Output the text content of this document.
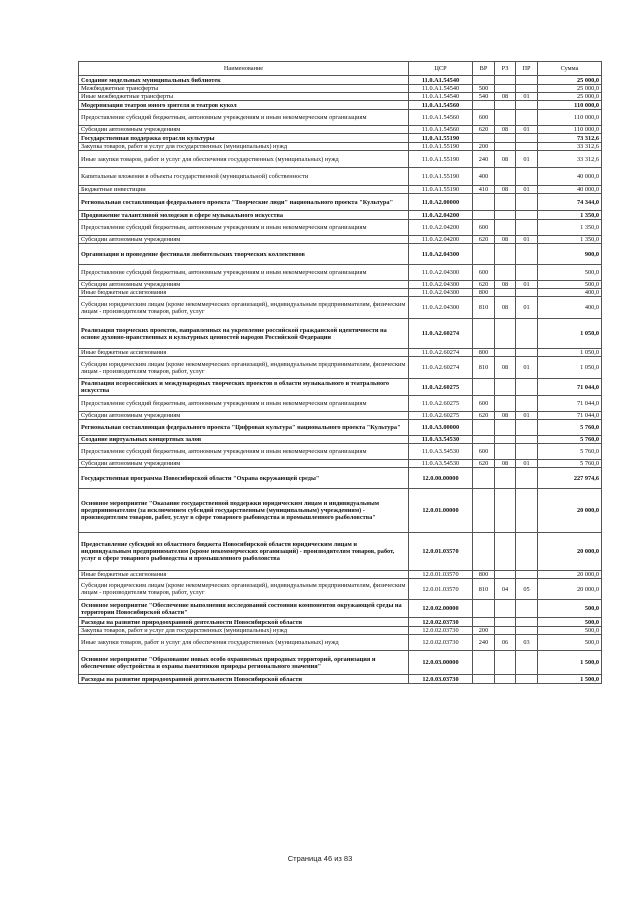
Наименование	ЦСР	ВР	РЗ	ПР	Сумма
Создание модельных муниципальных библиотек	11.0.A1.54540				25 000,0
Межбюджетные трансферты	11.0.A1.54540	500			25 000,0
Иные межбюджетные трансферты	11.0.A1.54540	540	08	01	25 000,0
Модернизация театров юного зрителя и театров кукол	11.0.A1.54560				110 000,0
Предоставление субсидий бюджетным, автономным учреждениям и иным некоммерческим организациям	11.0.A1.54560	600			110 000,0
Субсидии автономным учреждениям	11.0.A1.54560	620	08	01	110 000,0
Государственная поддержка отрасли культуры	11.0.A1.55190				73 312,6
Закупка товаров, работ и услуг для государственных (муниципальных) нужд	11.0.A1.55190	200			33 312,6
Иные закупки товаров, работ и услуг для обеспечения государственных (муниципальных) нужд	11.0.A1.55190	240	08	01	33 312,6
Капитальные вложения в объекты государственной (муниципальной) собственности	11.0.A1.55190	400			40 000,0
Бюджетные инвестиции	11.0.A1.55190	410	08	01	40 000,0
Региональная составляющая федерального проекта "Творческие люди" национального проекта "Культура"	11.0.A2.00000				74 344,0
Продвижение талантливой молодежи в сфере музыкального искусства	11.0.A2.04200				1 350,0
Предоставление субсидий бюджетным, автономным учреждениям и иным некоммерческим организациям	11.0.A2.04200	600			1 350,0
Субсидии автономным учреждениям	11.0.A2.04200	620	08	01	1 350,0
Организация и проведение фестиваля любительских творческих коллективов	11.0.A2.04300				900,0
Предоставление субсидий бюджетным, автономным учреждениям и иным некоммерческим организациям	11.0.A2.04300	600			500,0
Субсидии автономным учреждениям	11.0.A2.04300	620	08	01	500,0
Иные бюджетные ассигнования	11.0.A2.04300	800			400,0
Субсидии юридическим лицам (кроме некоммерческих организаций), индивидуальным предпринимателям, физическим лицам - производителям товаров, работ, услуг	11.0.A2.04300	810	08	01	400,0
Реализация творческих проектов, направленных на укрепление российской гражданской идентичности на основе духовно-нравственных и культурных ценностей народов Российской Федерации	11.0.A2.60274				1 050,0
Иные бюджетные ассигнования	11.0.A2.60274	800			1 050,0
Субсидии юридическим лицам (кроме некоммерческих организаций), индивидуальным предпринимателям, физическим лицам - производителям товаров, работ, услуг	11.0.A2.60274	810	08	01	1 050,0
Реализация всероссийских и международных творческих проектов в области музыкального и театрального искусства	11.0.A2.60275				71 044,0
Предоставление субсидий бюджетным, автономным учреждениям и иным некоммерческим организациям	11.0.A2.60275	600			71 044,0
Субсидии автономным учреждениям	11.0.A2.60275	620	08	01	71 044,0
Региональная составляющая федерального проекта "Цифровая культура" национального проекта "Культура"	11.0.A3.00000				5 760,0
Создание виртуальных концертных залов	11.0.A3.54530				5 760,0
Предоставление субсидий бюджетным, автономным учреждениям и иным некоммерческим организациям	11.0.A3.54530	600			5 760,0
Субсидии автономным учреждениям	11.0.A3.54530	620	08	01	5 760,0
Государственная программа Новосибирской области "Охрана окружающей среды"	12.0.00.00000				227 974,6
Основное мероприятие "Оказание государственной поддержки юридическим лицам и индивидуальным предпринимателям (за исключением субсидий государственным (муниципальным) учреждениям) - производителям товаров, работ, услуг в сфере товарного рыбоводства и промышленного рыболовства"	12.0.01.00000				20 000,0
Предоставление субсидий из областного бюджета Новосибирской области юридическим лицам и индивидуальным предпринимателям (кроме некоммерческих организаций) - производителям товаров, работ, услуг в сфере товарного рыбоводства и промышленного рыболовства	12.0.01.03570				20 000,0
Иные бюджетные ассигнования	12.0.01.03570	800			20 000,0
Субсидии юридическим лицам (кроме некоммерческих организаций), индивидуальным предпринимателям, физическим лицам - производителям товаров, работ, услуг	12.0.01.03570	810	04	05	20 000,0
Основное мероприятие "Обеспечение выполнения исследований состояния компонентов окружающей среды на территории Новосибирской области"	12.0.02.00000				500,0
Расходы на развитие природоохранной деятельности Новосибирской области	12.0.02.03730				500,0
Закупка товаров, работ и услуг для государственных (муниципальных) нужд	12.0.02.03730	200			500,0
Иные закупки товаров, работ и услуг для обеспечения государственных (муниципальных) нужд	12.0.02.03730	240	06	03	500,0
Основное мероприятие "Образование новых особо охраняемых природных территорий, организация и обеспечение обустройства и охраны памятников природы регионального значения"	12.0.03.00000				1 500,0
Расходы на развитие природоохранной деятельности Новосибирской области	12.0.03.03730				1 500,0
Страница 46 из 83
